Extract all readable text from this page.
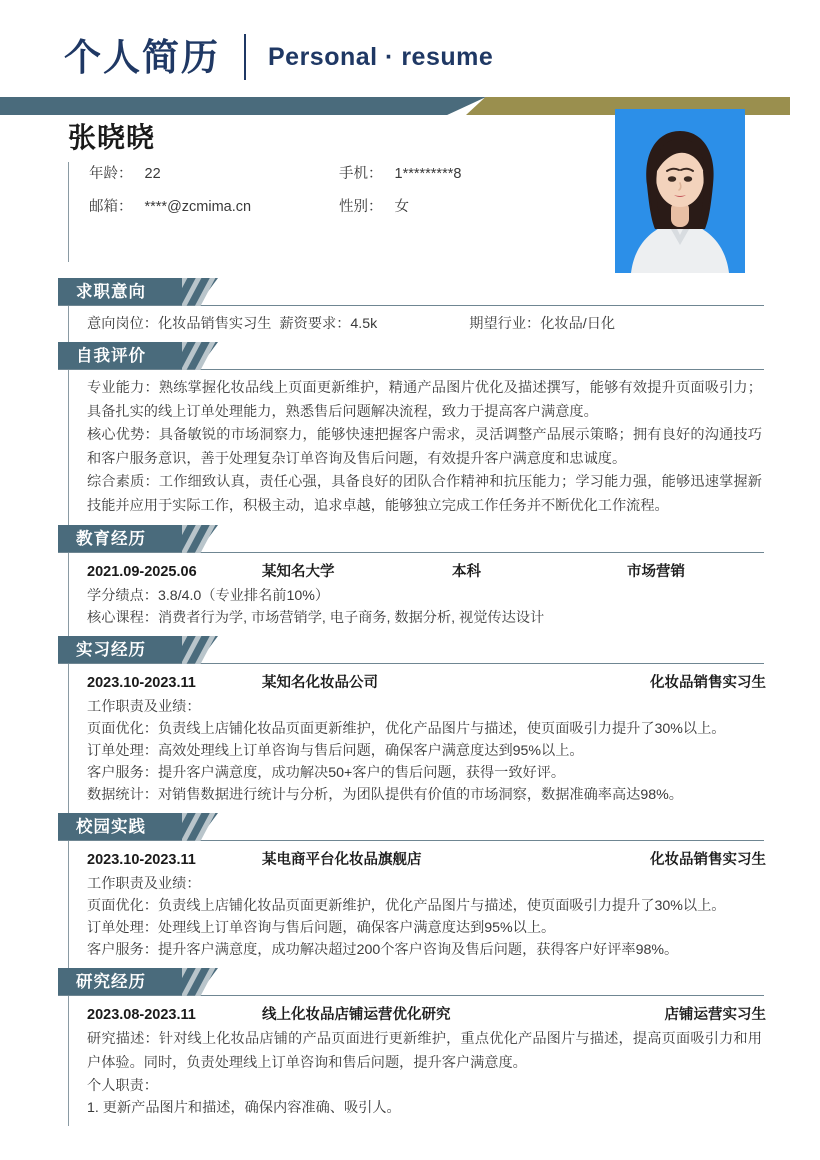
个人简历 Personal · resume
张晓晓
年龄： 22	手机： 1*********8
邮箱： ****@zcmima.cn	性别： 女
求职意向
意向岗位：化妆品销售实习生 薪资要求：4.5k	期望行业：化妆品/日化
自我评价
专业能力：熟练掌握化妆品线上页面更新维护，精通产品图片优化及描述撰写，能够有效提升页面吸引力；具备扎实的线上订单处理能力，熟悉售后问题解决流程，致力于提高客户满意度。
核心优势：具备敏锐的市场洞察力，能够快速把握客户需求，灵活调整产品展示策略；拥有良好的沟通技巧和客户服务意识，善于处理复杂订单咨询及售后问题，有效提升客户满意度和忠诚度。
综合素质：工作细致认真，责任心强，具备良好的团队合作精神和抗压能力；学习能力强，能够迅速掌握新技能并应用于实际工作，积极主动，追求卓越，能够独立完成工作任务并不断优化工作流程。
教育经历
2021.09-2025.06	某知名大学	本科	市场营销
学分绩点：3.8/4.0（专业排名前10%）
核心课程：消费者行为学, 市场营销学, 电子商务, 数据分析, 视觉传达设计
实习经历
2023.10-2023.11	某知名化妆品公司	化妆品销售实习生
工作职责及业绩：
页面优化：负责线上店铺化妆品页面更新维护，优化产品图片与描述，使页面吸引力提升了30%以上。
订单处理：高效处理线上订单咨询与售后问题，确保客户满意度达到95%以上。
客户服务：提升客户满意度，成功解决50+客户的售后问题，获得一致好评。
数据统计：对销售数据进行统计与分析，为团队提供有价值的市场洞察，数据准确率高达98%。
校园实践
2023.10-2023.11	某电商平台化妆品旗舰店	化妆品销售实习生
工作职责及业绩：
页面优化：负责线上店铺化妆品页面更新维护，优化产品图片与描述，使页面吸引力提升了30%以上。
订单处理：处理线上订单咨询与售后问题，确保客户满意度达到95%以上。
客户服务：提升客户满意度，成功解决超过200个客户咨询及售后问题，获得客户好评率98%。
研究经历
2023.08-2023.11	线上化妆品店铺运营优化研究	店铺运营实习生
研究描述：针对线上化妆品店铺的产品页面进行更新维护，重点优化产品图片与描述，提高页面吸引力和用户体验。同时，负责处理线上订单咨询和售后问题，提升客户满意度。
个人职责：
1. 更新产品图片和描述，确保内容准确、吸引人。
